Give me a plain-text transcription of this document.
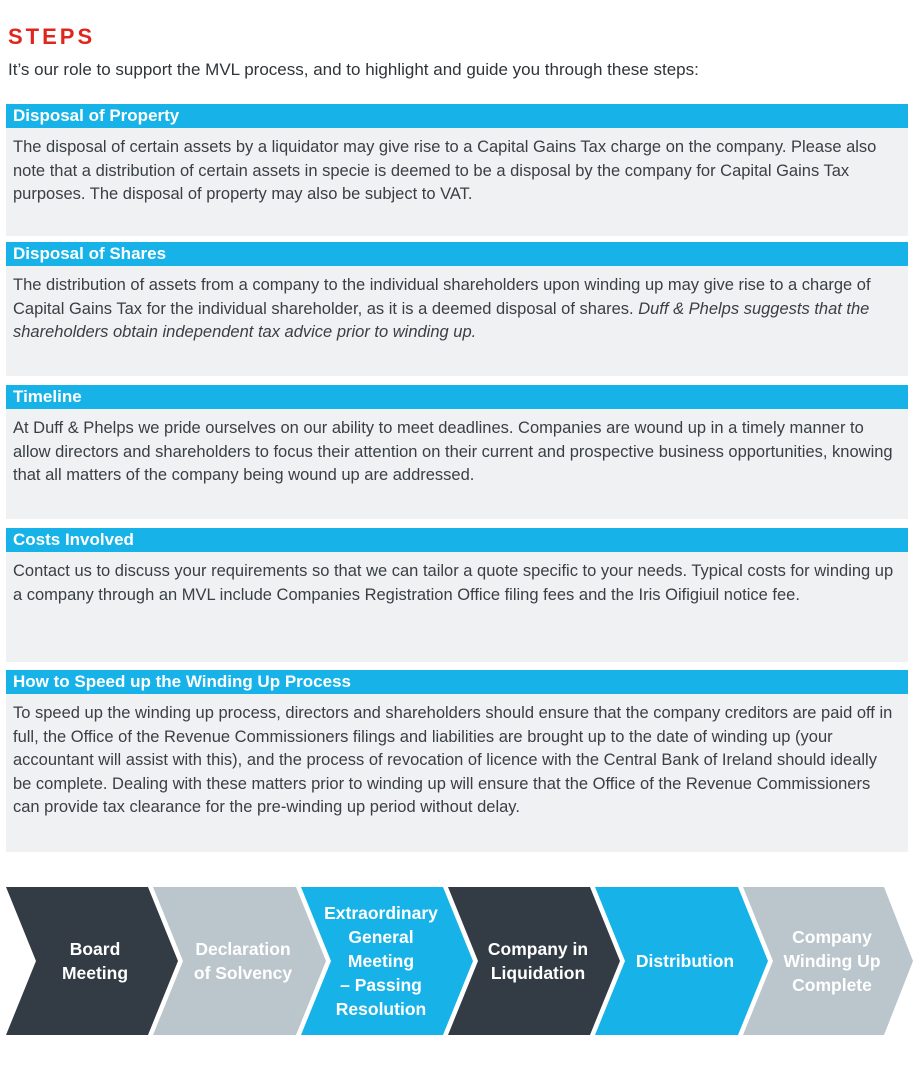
STEPS

It’s our role to support the MVL process, and to highlight and guide you through these steps:

Disposal of Property
The disposal of certain assets by a liquidator may give rise to a Capital Gains Tax charge on the company. Please also note that a distribution of certain assets in specie is deemed to be a disposal by the company for Capital Gains Tax purposes. The disposal of property may also be subject to VAT.
Disposal of Shares
The distribution of assets from a company to the individual shareholders upon winding up may give rise to a charge of Capital Gains Tax for the individual shareholder, as it is a deemed disposal of shares. Duff & Phelps suggests that the shareholders obtain independent tax advice prior to winding up.
Timeline
At Duff & Phelps we pride ourselves on our ability to meet deadlines. Companies are wound up in a timely manner to allow directors and shareholders to focus their attention on their current and prospective business opportunities, knowing that all matters of the company being wound up are addressed.
Costs Involved
Contact us to discuss your requirements so that we can tailor a quote specific to your needs. Typical costs for winding up a company through an MVL include Companies Registration Office filing fees and the Iris Oifigiuil notice fee.
How to Speed up the Winding Up Process
To speed up the winding up process, directors and shareholders should ensure that the company creditors are paid off in full, the Office of the Revenue Commissioners filings and liabilities are brought up to the date of winding up (your accountant will assist with this), and the process of revocation of licence with the Central Bank of Ireland should ideally be complete. Dealing with these matters prior to winding up will ensure that the Office of the Revenue Commissioners can provide tax clearance for the pre-winding up period without delay.
Board
Meeting
Declaration
of Solvency
Extraordinary
General
Meeting
– Passing
Resolution
Company in
Liquidation
Distribution
Company
Winding Up
Complete
